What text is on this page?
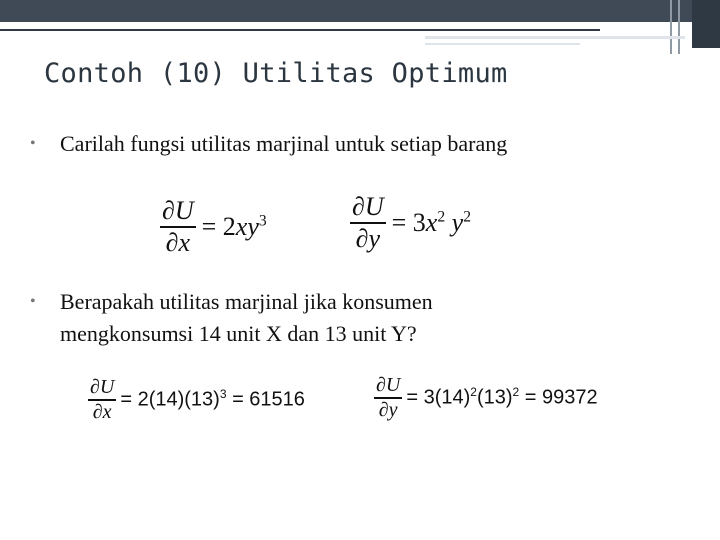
Contoh (10) Utilitas Optimum
• Carilah fungsi utilitas marjinal untuk setiap barang
$\frac{\partial U}{\partial x} = 2xy^3$	$\frac{\partial U}{\partial y} = 3x^2$ $y^2$
• Berapakah utilitas marjinal jika konsumen
mengkonsumsi 14 unit X dan 13 unit Y?
$\frac{\partial U}{\partial x} = 2(14)(13)^3 = 61516$	$\frac{\partial U}{\partial y} = 3(14)^2(13)^2 = 99372$
